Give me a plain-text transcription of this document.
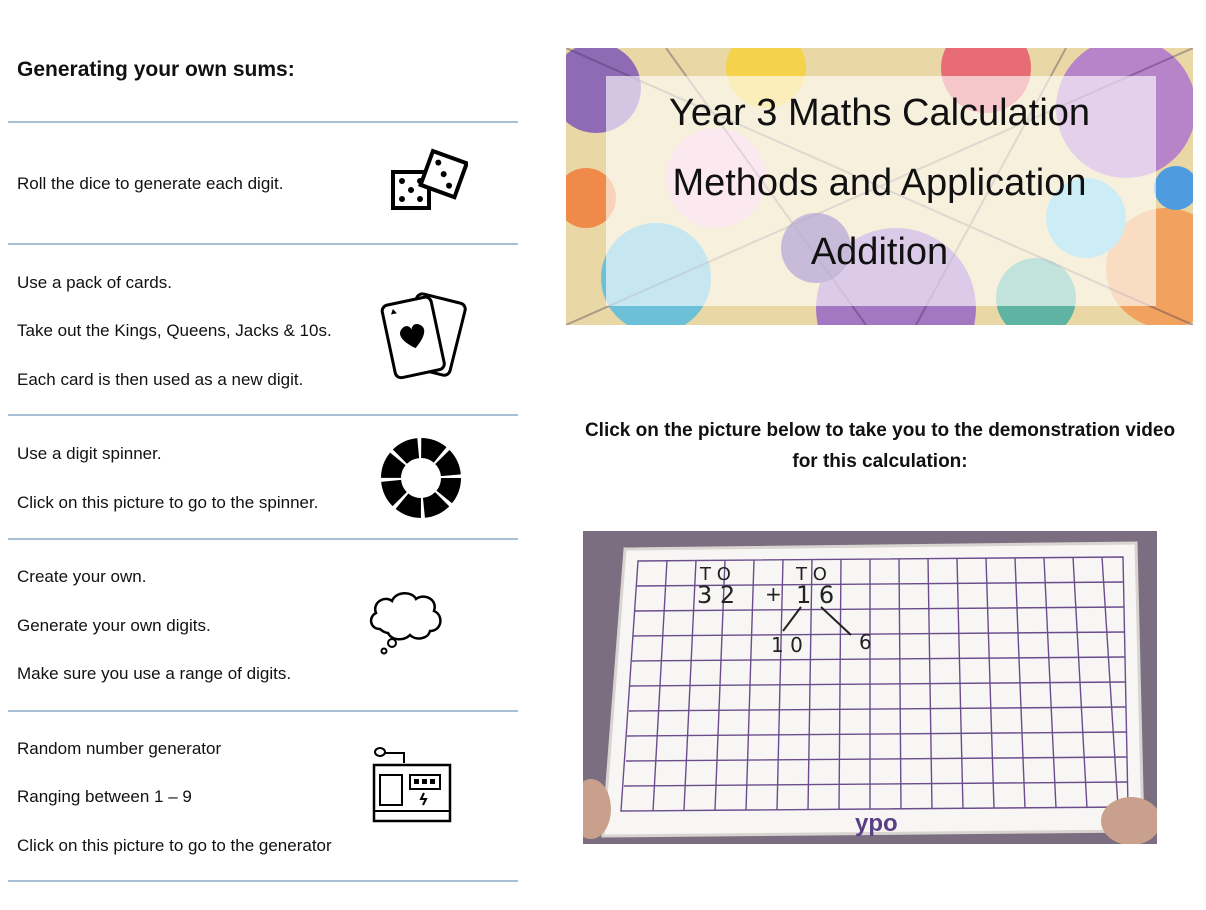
Generating your own sums:
Roll the dice to generate each digit.
Use a pack of cards.
Take out the Kings, Queens, Jacks & 10s.
Each card is then used as a new digit.
Use a digit spinner.
Click on this picture to go to the spinner.
Create your own.
Generate your own digits.
Make sure you use a range of digits.
Random number generator
Ranging between 1 – 9
Click on this picture to go to the generator
Year 3 Maths Calculation
Methods and Application
Addition
Click on the picture below to take you to the demonstration video for this calculation:
T O
3 2 +
T O
1 6
1 0	6
ypo
